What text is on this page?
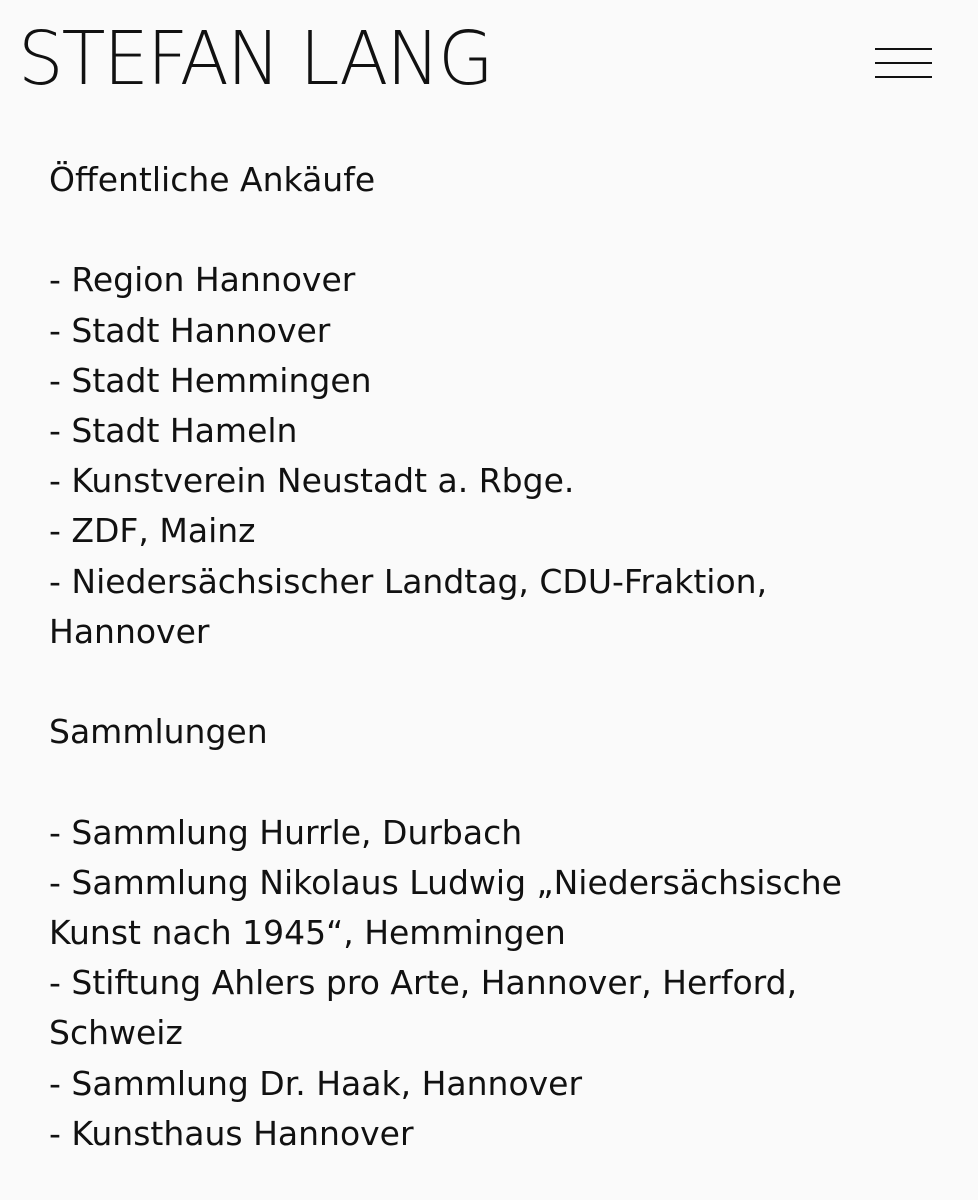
STEFAN LANG
Öffentliche Ankäufe
- Region Hannover
- Stadt Hannover
- Stadt Hemmingen
- Stadt Hameln
- Kunstverein Neustadt a. Rbge.
- ZDF, Mainz
- Niedersächsischer Landtag, CDU-Fraktion, Hannover
Sammlungen
- Sammlung Hurrle, Durbach
- Sammlung Nikolaus Ludwig „Niedersächsische Kunst nach 1945“, Hemmingen
- Stiftung Ahlers pro Arte, Hannover, Herford, Schweiz
- Sammlung Dr. Haak, Hannover
- Kunsthaus Hannover
